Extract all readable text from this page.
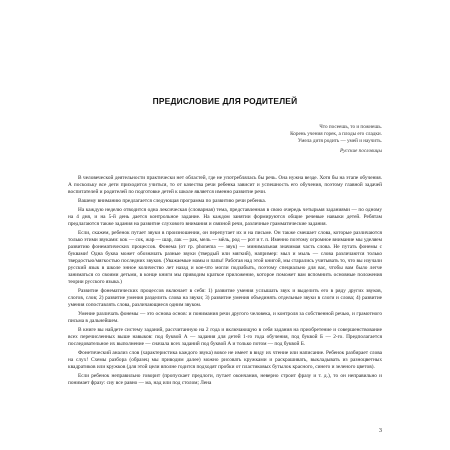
ПРЕДИСЛОВИЕ ДЛЯ РОДИТЕЛЕЙ
Что посеешь, то и пожнешь.
Корень учения горек, а плоды его сладки.
Умела дитя родить — умей и научить.
Русские пословицы

В человеческой деятельности практически нет областей, где не употреблялась бы речь. Она нужна везде. Хотя бы на этапе обучения. А поскольку все дети приходится учиться, то от качества речи ребенка зависит и успешность его обучения, поэтому главной задачей воспитателей и родителей по подготовке детей к школе является именно развитие речи.

Вашему вниманию предлагается следующая программа по развитию речи ребенка.

На каждую неделю отводится одна лексическая (словарная) тема, представленная в свою очередь четырьмя заданиями — по одному на 4 дня, и на 5-й день дается контрольное задание. На каждом занятии формируются общие речевые навыки детей. Ребятам предлагаются также задания на развитие слухового внимания и связной речи, различные грамматические задания.

Если, скажем, ребенок путает звуки в произношении, он перепутает их и на письме. Он также смешает слова, которые различаются только этими звуками: кок — сок, жар — шар, лак — рак, мель — мёль, род — рот и т. п. Именно поэтому огромное внимание мы уделяем развитию фонематических процессов. Фонема (от гр. phonema — звук) — минимальная значимая часть слова. Не путать фонемы с буквами! Одна буква может обозначать разные звуки (твердый или мягкий), например: мыл и мыль — слова различаются только твердостью/мягкостью последних звуков. (Уважаемые мамы и папы! Работая над этой книгой, мы старались учитывать то, что вы изучали русский язык в школе энное количество лет назад и кое-что могли подзабыть, поэтому специально для вас, чтобы вам было легче заниматься со своими детьми, в конце книги мы приводим краткое приложение, которое поможет вам вспомнить основные положения теории русского языка.)

Развитие фонематических процессов включает в себя: 1) развитие умения услышать звук и выделить его в ряду других звуков, слогов, слов; 2) развитие умения разделить слова на звуки; 3) развитие умения объединять отдельные звуки в слоги и слова; 4) развитие умения сопоставлять слова, различающиеся одним звуком.

Умение различать фонемы — это основа основ: и понимания речи другого человека, и контроля за собственной речью, и грамотного письма в дальнейшем.

В книге вы найдете систему заданий, рассчитанную на 2 года и включающую в себя задания на приобретение и совершенствование всех перечисленных выше навыков: под буквой А — задания для детей 1-го года обучения, под буквой Б — 2-го. Предполагается последовательное их выполнение — сначала всех заданий под буквой А и только потом — под буквой Б.

Фонетический анализ слов (характеристика каждого звука) вовсе не имеет в виду их чтение или написание. Ребенок разбирает слова на слух! Схемы разбора (образец мы приводим далее) можно рисовать кружками и раскрашивать, выкладывать из разноцветных квадратиков или кружков (для этой цели вполне годится подходят пробки от пластиковых бутылок красного, синего и зеленого цветов).

Если ребенок неправильно говорит (пропускает предлоги, путает окончания, неверно строит фразу и т. д.), то он неправильно и понимает фразу: сиу все равно — ма, над или под столом; Лена

3
